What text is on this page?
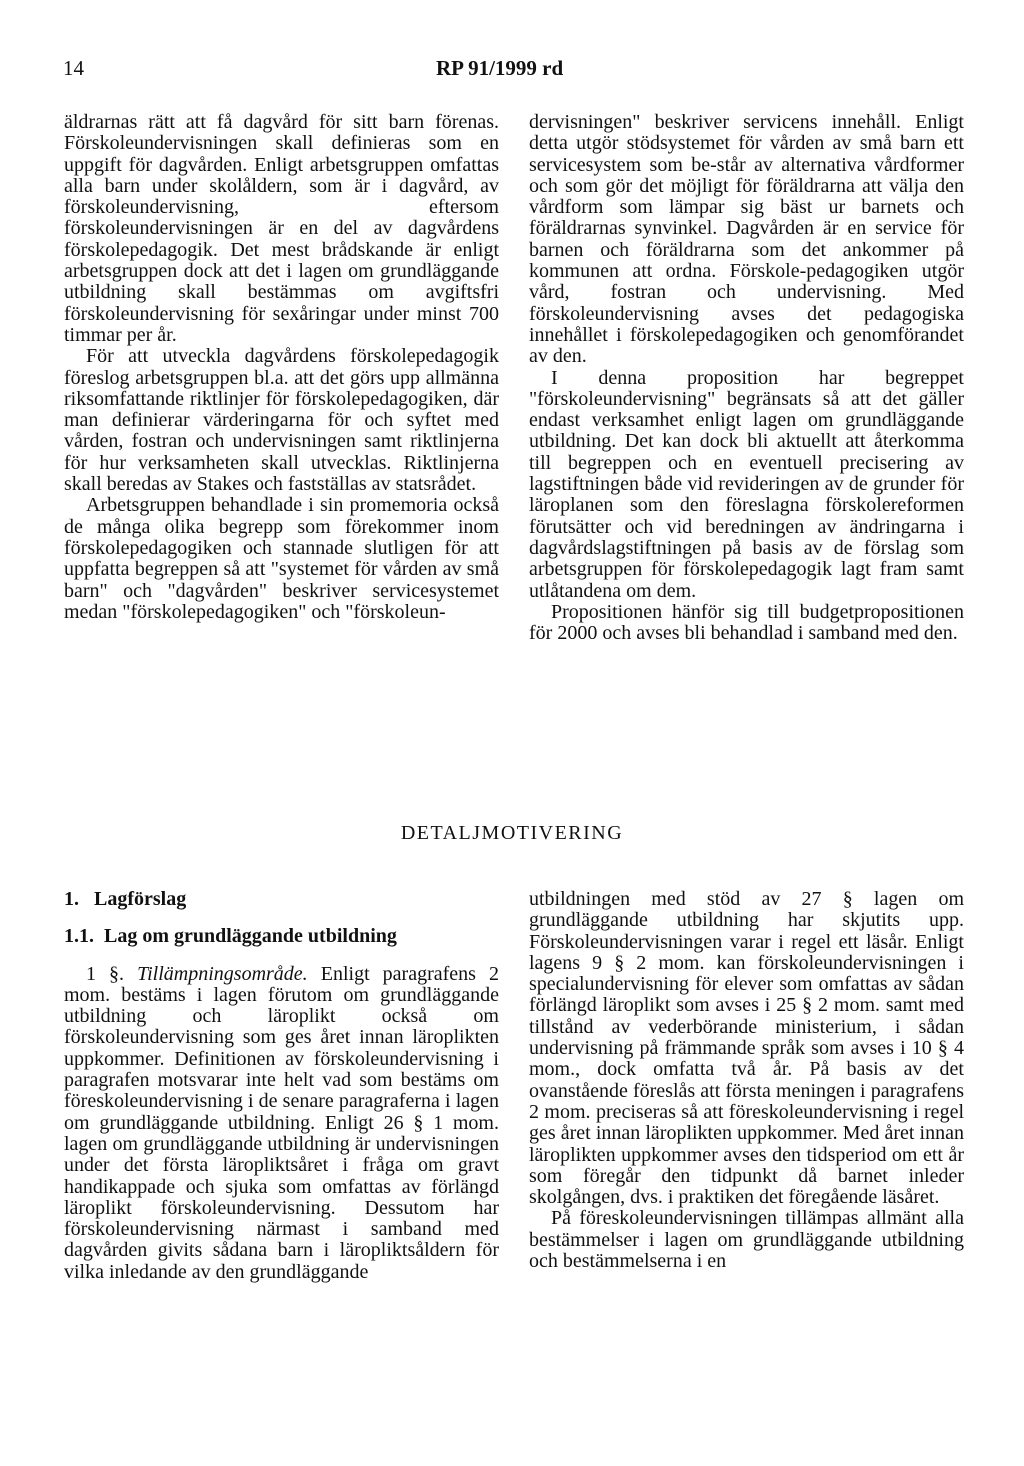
14	RP 91/1999 rd

äldrarnas rätt att få dagvård för sitt barn förenas. Förskoleundervisningen skall definieras som en uppgift för dagvården. Enligt arbetsgruppen omfattas alla barn under skolåldern, som är i dagvård, av förskoleundervisning, eftersom förskoleundervisningen är en del av dagvårdens förskolepedagogik. Det mest brådskande är enligt arbetsgruppen dock att det i lagen om grundläggande utbildning skall bestämmas om avgiftsfri förskoleundervisning för sexåringar under minst 700 timmar per år.

För att utveckla dagvårdens förskolepedagogik föreslog arbetsgruppen bl.a. att det görs upp allmänna riksomfattande riktlinjer för förskolepedagogiken, där man definierar värderingarna för och syftet med vården, fostran och undervisningen samt riktlinjerna för hur verksamheten skall utvecklas. Riktlinjerna skall beredas av Stakes och fastställas av statsrådet.

Arbetsgruppen behandlade i sin promemoria också de många olika begrepp som förekommer inom förskolepedagogiken och stannade slutligen för att uppfatta begreppen så att "systemet för vården av små barn" och "dagvården" beskriver servicesystemet medan "förskolepedagogiken" och "förskoleun-

dervisningen" beskriver servicens innehåll. Enligt detta utgör stödsystemet för vården av små barn ett servicesystem som be-står av alternativa vårdformer och som gör det möjligt för föräldrarna att välja den vårdform som lämpar sig bäst ur barnets och föräldrarnas synvinkel. Dagvården är en service för barnen och föräldrarna som det ankommer på kommunen att ordna. Förskole-pedagogiken utgör vård, fostran och undervisning. Med förskoleundervisning avses det pedagogiska innehållet i förskolepedagogiken och genomförandet av den.

I denna proposition har begreppet "förskoleundervisning" begränsats så att det gäller endast verksamhet enligt lagen om grundläggande utbildning. Det kan dock bli aktuellt att återkomma till begreppen och en eventuell precisering av lagstiftningen både vid revideringen av de grunder för läroplanen som den föreslagna förskolereformen förutsätter och vid beredningen av ändringarna i dagvårdslagstiftningen på basis av de förslag som arbetsgruppen för förskolepedagogik lagt fram samt utlåtandena om dem.

Propositionen hänför sig till budgetpropositionen för 2000 och avses bli behandlad i samband med den.

DETALJMOTIVERING
1. Lagförslag
1.1. Lag om grundläggande utbildning

1 §. Tillämpningsområde. Enligt paragrafens 2 mom. bestäms i lagen förutom om grundläggande utbildning och läroplikt också om förskoleundervisning som ges året innan läroplikten uppkommer. Definitionen av förskoleundervisning i paragrafen motsvarar inte helt vad som bestäms om föreskoleundervisning i de senare paragraferna i lagen om grundläggande utbildning. Enligt 26 § 1 mom. lagen om grundläggande utbildning är undervisningen under det första läropliktsåret i fråga om gravt handikappade och sjuka som omfattas av förlängd läroplikt förskoleundervisning. Dessutom har förskoleundervisning närmast i samband med dagvården givits sådana barn i läropliktsåldern för vilka inledande av den grundläggande

utbildningen med stöd av 27 § lagen om grundläggande utbildning har skjutits upp. Förskoleundervisningen varar i regel ett läsår. Enligt lagens 9 § 2 mom. kan förskoleundervisningen i specialundervisning för elever som omfattas av sådan förlängd läroplikt som avses i 25 § 2 mom. samt med tillstånd av vederbörande ministerium, i sådan undervisning på främmande språk som avses i 10 § 4 mom., dock omfatta två år. På basis av det ovanstående föreslås att första meningen i paragrafens 2 mom. preciseras så att föreskoleundervisning i regel ges året innan läroplikten uppkommer. Med året innan läroplikten uppkommer avses den tidsperiod om ett år som föregår den tidpunkt då barnet inleder skolgången, dvs. i praktiken det föregående läsåret.

På föreskoleundervisningen tillämpas allmänt alla bestämmelser i lagen om grundläggande utbildning och bestämmelserna i en
